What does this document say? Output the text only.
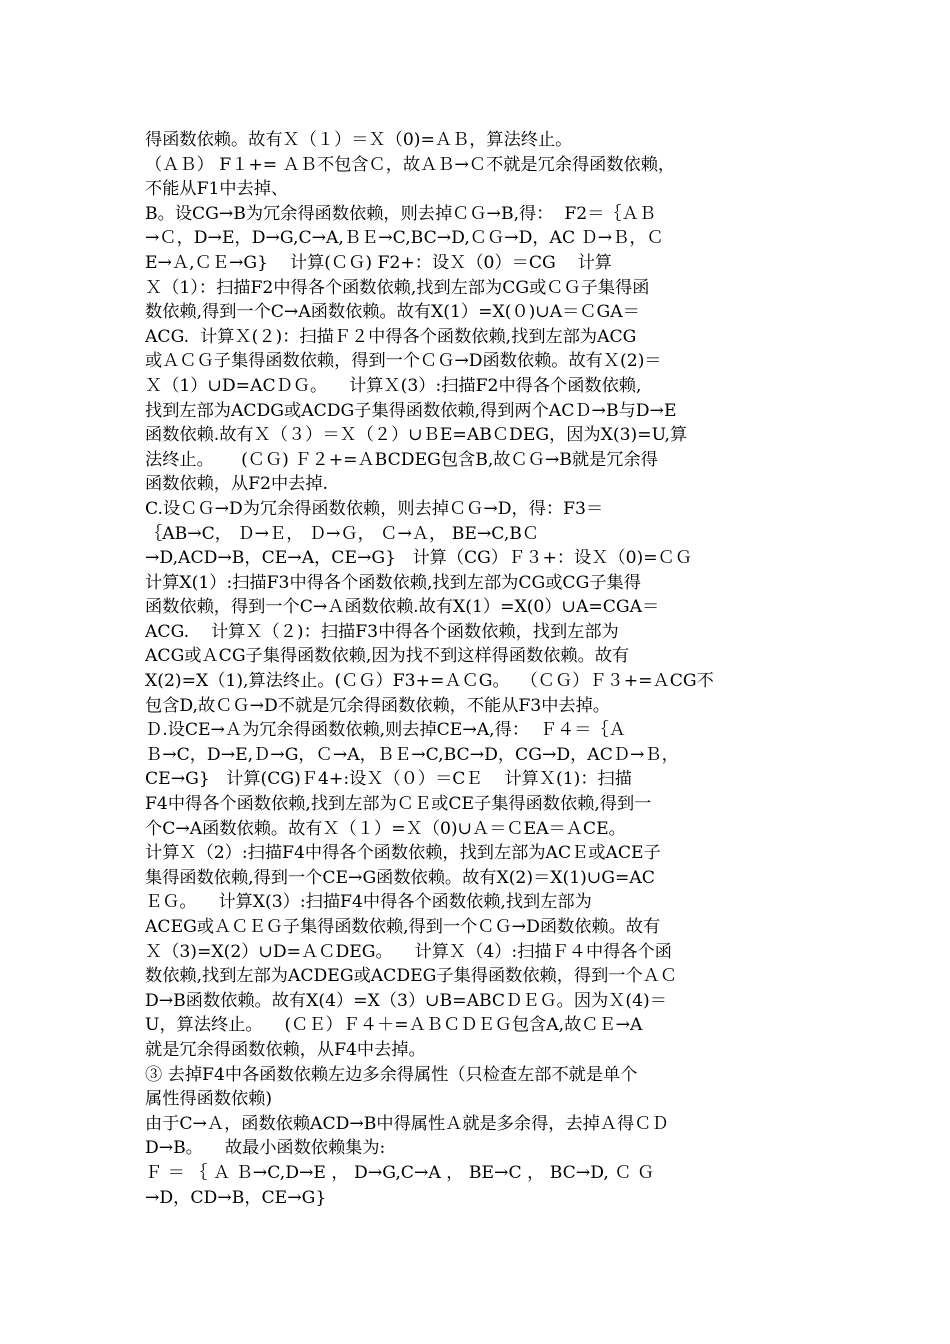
得函数依赖。故有Ｘ（１）＝Ｘ（0)=ＡＢ，算法终止。
（ＡＢ） F１+= ＡＢ不包含Ｃ，故ＡＢ→Ｃ不就是冗余得函数依赖，
不能从F1中去掉、
B。设CG→B为冗余得函数依赖，则去掉ＣＧ→B,得：  F2＝｛ＡＢ
→Ｃ，D→E，D→G,C→A,ＢＥ→C,BC→D,ＣＧ→D，AC Ｄ→Ｂ，Ｃ
E→Ａ,ＣＥ→G}    计算(ＣＧ) F2+：设Ｘ（0）＝CG    计算
Ｘ（1）：扫描F2中得各个函数依赖,找到左部为CG或ＣＧ子集得函
数依赖,得到一个C→A函数依赖。故有X(1）=X(０)∪A＝ＣGA＝
ACG.  计算Ｘ(２)：扫描Ｆ２中得各个函数依赖,找到左部为ACG
或ＡＣＧ子集得函数依赖，得到一个ＣＧ→D函数依赖。故有Ｘ(2)＝
Ｘ（1）∪D=ACＤＧ。    计算Ｘ(3）:扫描F2中得各个函数依赖,
找到左部为ACDG或ACDG子集得函数依赖,得到两个ACＤ→B与D→E
函数依赖.故有Ｘ（３）＝Ｘ（２）∪ＢE=ABＣDEG，因为X(3)=U,算
法终止。     (ＣＧ) Ｆ２+=ＡBCDEG包含B,故ＣＧ→B就是冗余得
函数依赖，从F2中去掉.
C.设ＣＧ→D为冗余得函数依赖，则去掉ＣＧ→D，得：F3＝
｛AB→C， Ｄ→Ｅ， Ｄ→Ｇ， Ｃ→Ａ， BE→C,BＣ
→D,ACD→B，CE→A，CE→G}   计算（CG）Ｆ３+：设Ｘ（0)=ＣＧ
计算X(1）:扫描F3中得各个函数依赖,找到左部为CG或CG子集得
函数依赖，得到一个C→Ａ函数依赖.故有X(1）=X(0）∪A=CGA＝
ACG.    计算Ｘ（２)：扫描F3中得各个函数依赖，找到左部为
ACG或ＡCG子集得函数依赖,因为找不到这样得函数依赖。故有
X(2)=X（1),算法终止。(ＣＧ）F3+=ＡＣG。  （ＣＧ）Ｆ３+=ＡCG不
包含D,故ＣＧ→D不就是冗余得函数依赖，不能从F3中去掉。
Ｄ.设CE→Ａ为冗余得函数依赖,则去掉CE→A,得：  Ｆ４＝｛Ａ
Ｂ→C，D→E,Ｄ→G，Ｃ→A，ＢＥ→C,BC→D，CG→D，ACＤ→Ｂ，
CE→G}   计算(CG)Ｆ4+:设Ｘ（０）＝CＥ    计算Ｘ(1)：扫描
F4中得各个函数依赖,找到左部为ＣＥ或CE子集得函数依赖,得到一
个C→A函数依赖。故有Ｘ（１）=Ｘ（0)∪Ａ＝ＣEA＝ＡCE。
计算Ｘ（2）:扫描F4中得各个函数依赖，找到左部为ACＥ或ACE子
集得函数依赖,得到一个CE→G函数依赖。故有X(2)＝X(1)∪G=AC
ＥＧ。    计算X(3）:扫描F4中得各个函数依赖,找到左部为
ACEG或ＡＣＥＧ子集得函数依赖,得到一个ＣＧ→D函数依赖。故有
Ｘ（3)=X(2）∪D=ＡＣDEG。    计算Ｘ（4）:扫描Ｆ４中得各个函
数依赖,找到左部为ACDEG或ACDEG子集得函数依赖，得到一个ＡＣ
D→B函数依赖。故有X(4）=X（3）∪B=ABCＤＥＧ。因为Ｘ(4)＝
U，算法终止。    (ＣＥ）Ｆ４＋=ＡＢＣＤＥＧ包含A,故ＣＥ→A
就是冗余得函数依赖，从F4中去掉。
③ 去掉F4中各函数依赖左边多余得属性（只检查左部不就是单个
属性得函数依赖)
由于C→Ａ，函数依赖ACD→B中得属性Ａ就是多余得，去掉Ａ得ＣＤ
D→B。    故最小函数依赖集为:
Ｆ ＝ ｛ Ａ Ｂ→C,D→E ， D→G,C→A ， BE→C ， BC→D, Ｃ Ｇ
→D，CD→B，CE→G}
